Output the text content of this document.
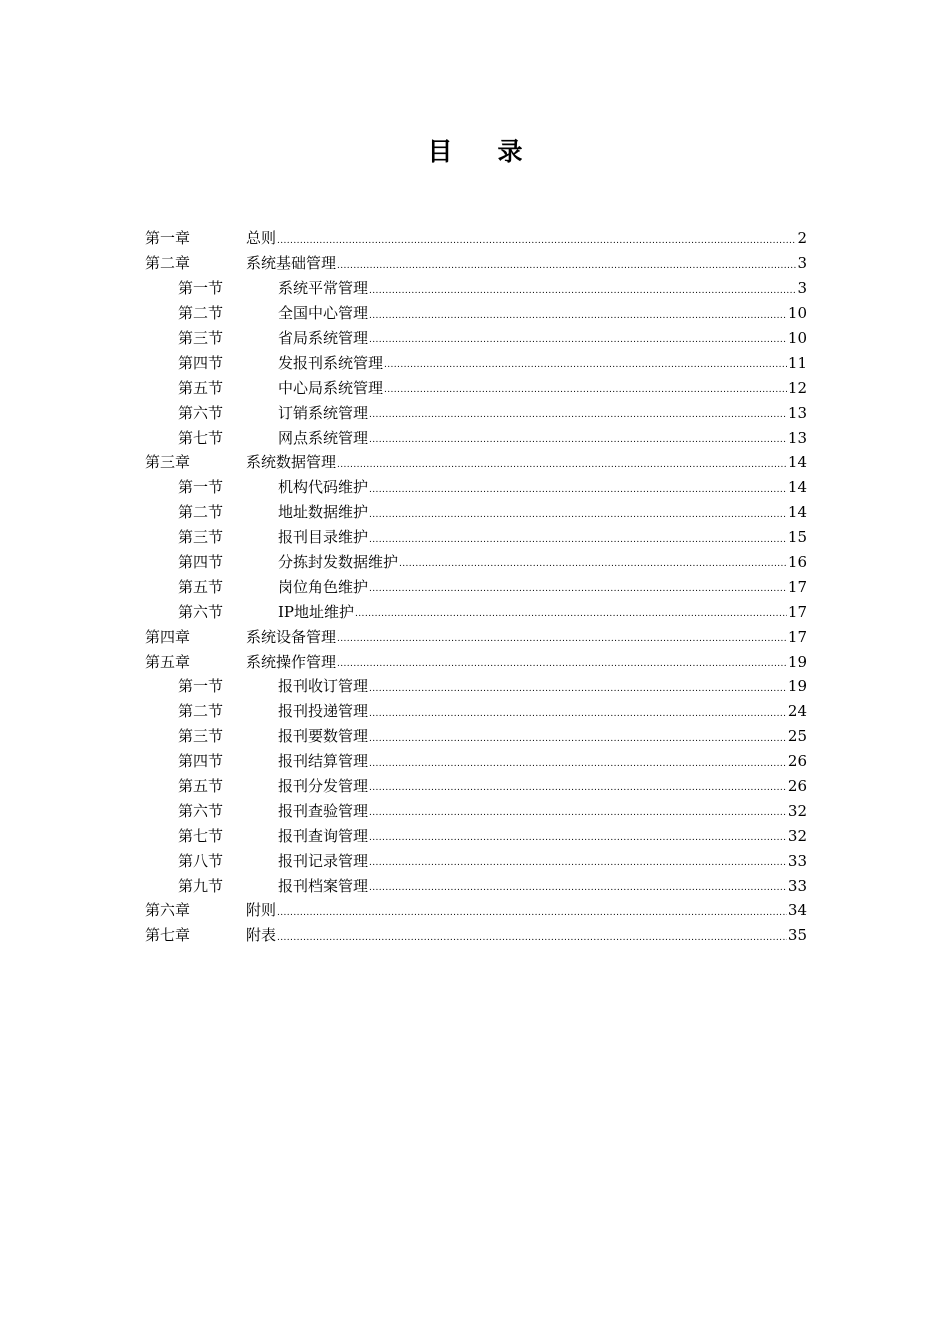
目录
第一章	总则 .....	2
第二章	系统基础管理 .....	3
第一节	系统平常管理 .....	3
第二节	全国中心管理 .....	10
第三节	省局系统管理 .....	10
第四节	发报刊系统管理 .....	11
第五节	中心局系统管理 .....	12
第六节	订销系统管理 .....	13
第七节	网点系统管理 .....	13
第三章	系统数据管理 .....	14
第一节	机构代码维护 .....	14
第二节	地址数据维护 .....	14
第三节	报刊目录维护 .....	15
第四节	分拣封发数据维护 .....	16
第五节	岗位角色维护 .....	17
第六节	IP地址维护 .....	17
第四章	系统设备管理 .....	17
第五章	系统操作管理 .....	19
第一节	报刊收订管理 .....	19
第二节	报刊投递管理 .....	24
第三节	报刊要数管理 .....	25
第四节	报刊结算管理 .....	26
第五节	报刊分发管理 .....	26
第六节	报刊查验管理 .....	32
第七节	报刊查询管理 .....	32
第八节	报刊记录管理 .....	33
第九节	报刊档案管理 .....	33
第六章	附则 .....	34
第七章	附表 .....	35
